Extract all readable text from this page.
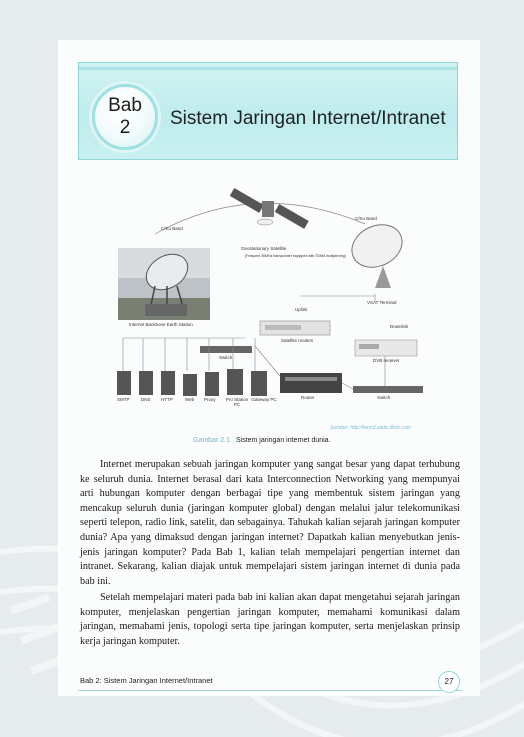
Bab
2	Sistem Jaringan Internet/Intranet
C/Ku Band
C/Ku Band
Geostationary Satellite
(Frequent 36MHz transponder equipped with TDMA multiplexing)
Internet Backbone Earth Station
VSAT Terminal
Uplink
Downlink
Satellite modem
DVB receiver
Switch
Router	Switch
SMTP	DNS HTTP	Web Proxy	Pro Station PC
Gateway PC
Sumber: http://farm3.static.flickr.com
Gambar 2.1 Sistem jaringan internet dunia.

Internet merupakan sebuah jaringan komputer yang sangat besar yang dapat terhubung ke seluruh dunia. Internet berasal dari kata Interconnection Networking yang mempunyai arti hubungan komputer dengan berbagai tipe yang membentuk sistem jaringan yang mencakup seluruh dunia (jaringan komputer global) dengan melalui jalur telekomunikasi seperti telepon, radio link, satelit, dan sebagainya. Tahukah kalian sejarah jaringan komputer dunia? Apa yang dimaksud dengan jaringan internet? Dapatkah kalian menyebutkan jenis-jenis jaringan komputer? Pada Bab 1, kalian telah mempelajari pengertian internet dan intranet. Sekarang, kalian diajak untuk mempelajari sistem jaringan internet di dunia pada bab ini.

Setelah mempelajari materi pada bab ini kalian akan dapat mengetahui sejarah jaringan komputer, menjelaskan pengertian jaringan komputer, memahami komunikasi dalam jaringan, memahami jenis, topologi serta tipe jaringan komputer, serta menjelaskan prinsip kerja jaringan komputer.

Bab 2: Sistem Jaringan Internet/Intranet	27
